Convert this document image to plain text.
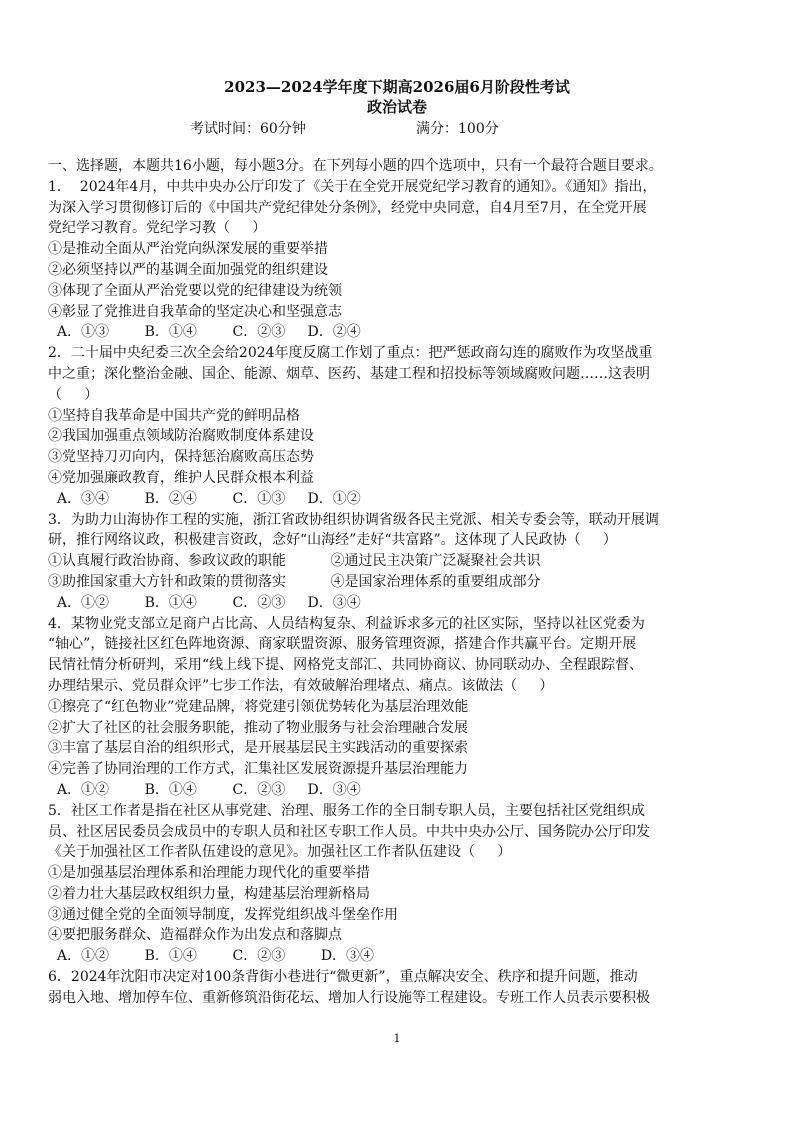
2023—2024学年度下期高2026届6月阶段性考试
政治试卷
考试时间：60分钟	满分：100分
一、选择题，本题共16小题，每小题3分。在下列每小题的四个选项中，只有一个最符合题目要求。
1．  2024年4月，中共中央办公厅印发了《关于在全党开展党纪学习教育的通知》。《通知》指出，
为深入学习贯彻修订后的《中国共产党纪律处分条例》，经党中央同意，自4月至7月，在全党开展
党纪学习教育。党纪学习教（     ）
①是推动全面从严治党向纵深发展的重要举措
②必须坚持以严的基调全面加强党的组织建设
③体现了全面从严治党要以党的纪律建设为统领
④彰显了党推进自我革命的坚定决心和坚强意志
A．①③        B．①④        C．②③     D．②④
2．二十届中央纪委三次全会给2024年度反腐工作划了重点：把严惩政商勾连的腐败作为攻坚战重
中之重；深化整治金融、国企、能源、烟草、医药、基建工程和招投标等领域腐败问题……这表明
（     ）
①坚持自我革命是中国共产党的鲜明品格
②我国加强重点领域防治腐败制度体系建设
③党坚持刀刃向内，保持惩治腐败高压态势
④党加强廉政教育，维护人民群众根本利益
A．③④        B．②④        C．①③     D．①②
3．为助力山海协作工程的实施，浙江省政协组织协调省级各民主党派、相关专委会等，联动开展调
研，推行网络议政，积极建言资政，念好“山海经”走好“共富路”。这体现了人民政协（     ）
①认真履行政治协商、参政议政的职能          ②通过民主决策广泛凝聚社会共识
③助推国家重大方针和政策的贯彻落实          ④是国家治理体系的重要组成部分
A．①②        B．①④        C．②③     D．③④
4．某物业党支部立足商户占比高、人员结构复杂、利益诉求多元的社区实际，坚持以社区党委为
“轴心”，链接社区红色阵地资源、商家联盟资源、服务管理资源，搭建合作共赢平台。定期开展
民情社情分析研判，采用“线上线下提、网格党支部汇、共同协商议、协同联动办、全程跟踪督、
办理结果示、党员群众评”七步工作法，有效破解治理堵点、痛点。该做法（     ）
①擦亮了“红色物业”党建品牌，将党建引领优势转化为基层治理效能
②扩大了社区的社会服务职能，推动了物业服务与社会治理融合发展
③丰富了基层自治的组织形式，是开展基层民主实践活动的重要探索
④完善了协同治理的工作方式，汇集社区发展资源提升基层治理能力
A．①②        B．①④        C．②③     D．③④
5．社区工作者是指在社区从事党建、治理、服务工作的全日制专职人员，主要包括社区党组织成
员、社区居民委员会成员中的专职人员和社区专职工作人员。中共中央办公厅、国务院办公厅印发
《关于加强社区工作者队伍建设的意见》。加强社区工作者队伍建设（     ）
①是加强基层治理体系和治理能力现代化的重要举措
②着力壮大基层政权组织力量，构建基层治理新格局
③通过健全党的全面领导制度，发挥党组织战斗堡垒作用
④要把服务群众、造福群众作为出发点和落脚点
A．①②        B．①④        C．②③        D．③④
6．2024年沈阳市决定对100条背街小巷进行“微更新”，重点解决安全、秩序和提升问题，推动
弱电入地、增加停车位、重新修筑沿街花坛、增加人行设施等工程建设。专班工作人员表示要积极
1
